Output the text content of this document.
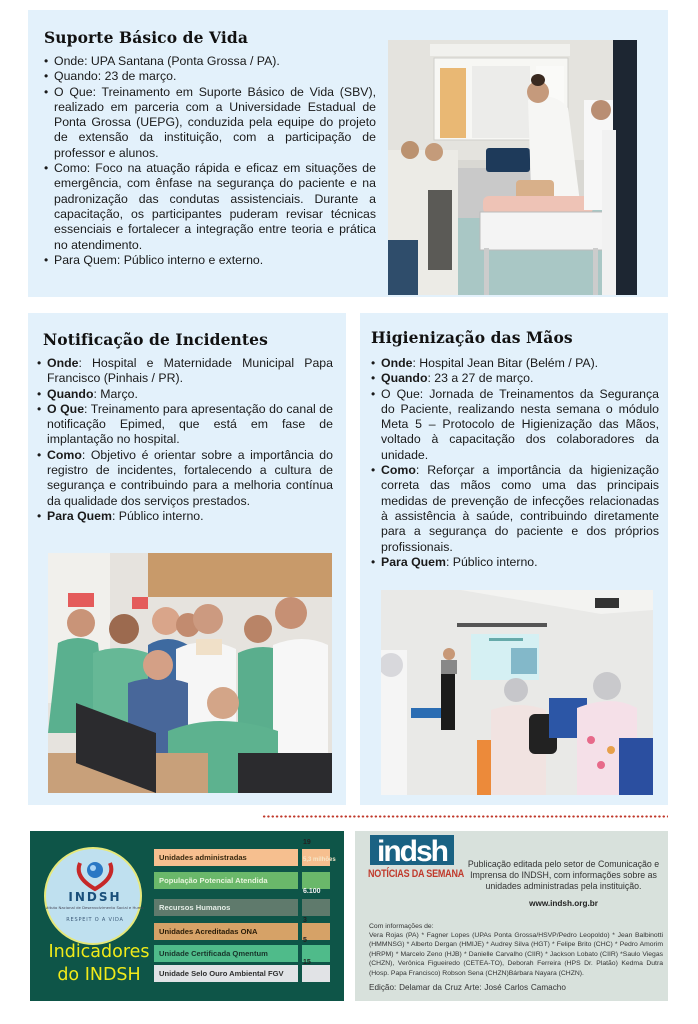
Suporte Básico de Vida
• Onde: UPA Santana (Ponta Grossa / PA).
• Quando: 23 de março.
• O Que: Treinamento em Suporte Básico de Vida (SBV), realizado em parceria com a Universidade Estadual de Ponta Grossa (UEPG), conduzida pela equipe do projeto de extensão da instituição, com a participação de professor e alunos.
• Como: Foco na atuação rápida e eficaz em situações de emergência, com ênfase na segurança do paciente e na padronização das condutas assistenciais. Durante a capacitação, os participantes puderam revisar técnicas essenciais e fortalecer a integração entre teoria e prática no atendimento.
• Para Quem: Público interno e externo.
Notificação de Incidentes
• Onde: Hospital e Maternidade Municipal Papa Francisco (Pinhais / PR).
• Quando: Março.
• O Que: Treinamento para apresentação do canal de notificação Epimed, que está em fase de implantação no hospital.
• Como: Objetivo é orientar sobre a importância do registro de incidentes, fortalecendo a cultura de segurança e contribuindo para a melhoria contínua da qualidade dos serviços prestados.
• Para Quem: Público interno.
Higienização das Mãos
• Onde: Hospital Jean Bitar (Belém / PA).
• Quando: 23 a 27 de março.
• O Que: Jornada de Treinamentos da Segurança do Paciente, realizando nesta semana o módulo Meta 5 – Protocolo de Higienização das Mãos, voltado à capacitação dos colaboradores da unidade.
• Como: Reforçar a importância da higienização correta das mãos como uma das principais medidas de prevenção de infecções relacionadas à assistência à saúde, contribuindo diretamente para a segurança do paciente e dos próprios profissionais.
• Para Quem: Público interno.
INDSH
Instituto Nacional de Desenvolvimento Social e Humano
RESPEIT O A VIDA
Indicadores
do INDSH
Unidades administradas
19
População Potencial Atendida
5,3 milhões
Recursos Humanos
6.100
Unidades Acreditadas ONA
3
Unidade Certificada Qmentum
5
Unidade Selo Ouro Ambiental FGV
15
indsh
NOTÍCIAS DA SEMANA

Publicação editada pelo setor de Comunicação e Imprensa do INDSH, com informações sobre as unidades administradas pela instituição.

www.indsh.org.br
Com informações de:

Vera Rojas (PA) * Fagner Lopes (UPAs Ponta Grossa/HSVP/Pedro Leopoldo) * Jean Balbinotti (HMMNSG) * Alberto Dergan (HMIJE) * Audrey Silva (HGT) * Felipe Brito (CHC) * Pedro Amorim (HRPM) * Marcelo Zeno (HJB) * Danielle Carvalho (CIIR) * Jackson Lobato (CIIR) *Saulo Viegas (CHZN), Verônica Figueiredo (CETEA-TO), Deborah Ferreira (HPS Dr. Platão) Kedma Dutra (Hosp. Papa Francisco) Robson Sena (CHZN)Bárbara Nayara (CHZN).

Edição: Delamar da Cruz Arte: José Carlos Camacho
